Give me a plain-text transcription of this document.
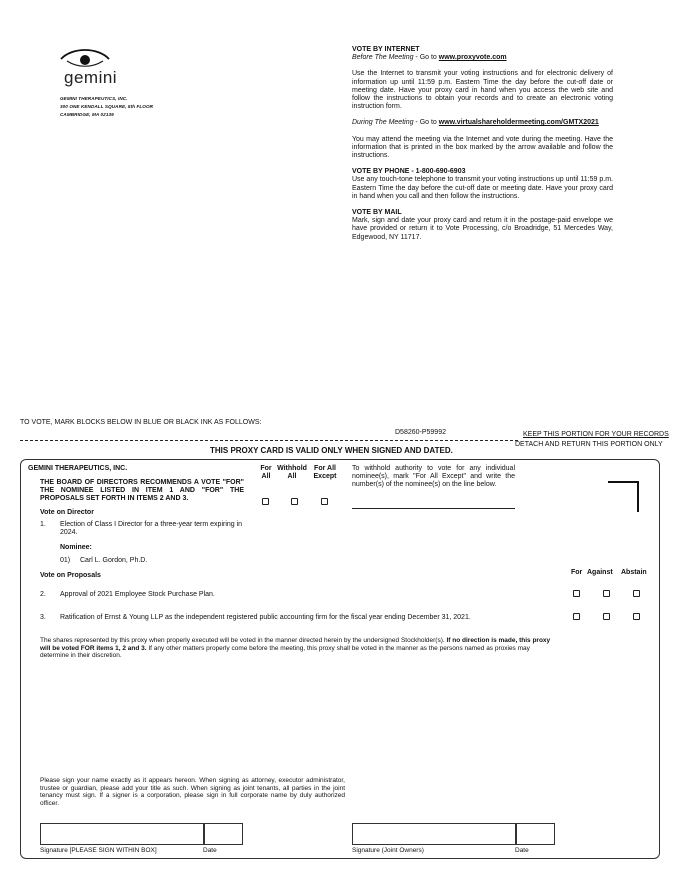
gemini
GEMINI THERAPEUTICS, INC.
300 ONE KENDALL SQUARE, 5th FLOOR
CAMBRIDGE, MA 02139
VOTE BY INTERNET
Before The Meeting - Go to www.proxyvote.com
Use the Internet to transmit your voting instructions and for electronic delivery of information up until 11:59 p.m. Eastern Time the day before the cut-off date or meeting date. Have your proxy card in hand when you access the web site and follow the instructions to obtain your records and to create an electronic voting instruction form.
During The Meeting - Go to www.virtualshareholdermeeting.com/GMTX2021
You may attend the meeting via the Internet and vote during the meeting. Have the information that is printed in the box marked by the arrow available and follow the instructions.
VOTE BY PHONE - 1-800-690-6903
Use any touch-tone telephone to transmit your voting instructions up until 11:59 p.m. Eastern Time the day before the cut-off date or meeting date. Have your proxy card in hand when you call and then follow the instructions.
VOTE BY MAIL
Mark, sign and date your proxy card and return it in the postage-paid envelope we have provided or return it to Vote Processing, c/o Broadridge, 51 Mercedes Way, Edgewood, NY 11717.
TO VOTE, MARK BLOCKS BELOW IN BLUE OR BLACK INK AS FOLLOWS:
D58260-P59992	KEEP THIS PORTION FOR YOUR RECORDS
DETACH AND RETURN THIS PORTION ONLY
THIS PROXY CARD IS VALID ONLY WHEN SIGNED AND DATED.
GEMINI THERAPEUTICS, INC.
THE BOARD OF DIRECTORS RECOMMENDS A VOTE "FOR" THE NOMINEE LISTED IN ITEM 1 AND "FOR" THE PROPOSALS SET FORTH IN ITEMS 2 AND 3.
For
All
Withhold
All
For All
Except
To withhold authority to vote for any individual nominee(s), mark "For All Except" and write the number(s) of the nominee(s) on the line below.
Vote on Director
1. Election of Class I Director for a three-year term expiring in 2024.
Nominee:
01) Carl L. Gordon, Ph.D.
Vote on Proposals	For Against Abstain
2. Approval of 2021 Employee Stock Purchase Plan.
3. Ratification of Ernst & Young LLP as the independent registered public accounting firm for the fiscal year ending December 31, 2021.
The shares represented by this proxy when properly executed will be voted in the manner directed herein by the undersigned Stockholder(s). If no direction is made, this proxy will be voted FOR items 1, 2 and 3. If any other matters properly come before the meeting, this proxy shall be voted in the manner as the persons named as proxies may determine in their discretion.
Please sign your name exactly as it appears hereon. When signing as attorney, executor administrator, trustee or guardian, please add your title as such. When signing as joint tenants, all parties in the joint tenancy must sign. If a signer is a corporation, please sign in full corporate name by duly authorized officer.
Signature [PLEASE SIGN WITHIN BOX]	Date	Signature (Joint Owners)	Date
